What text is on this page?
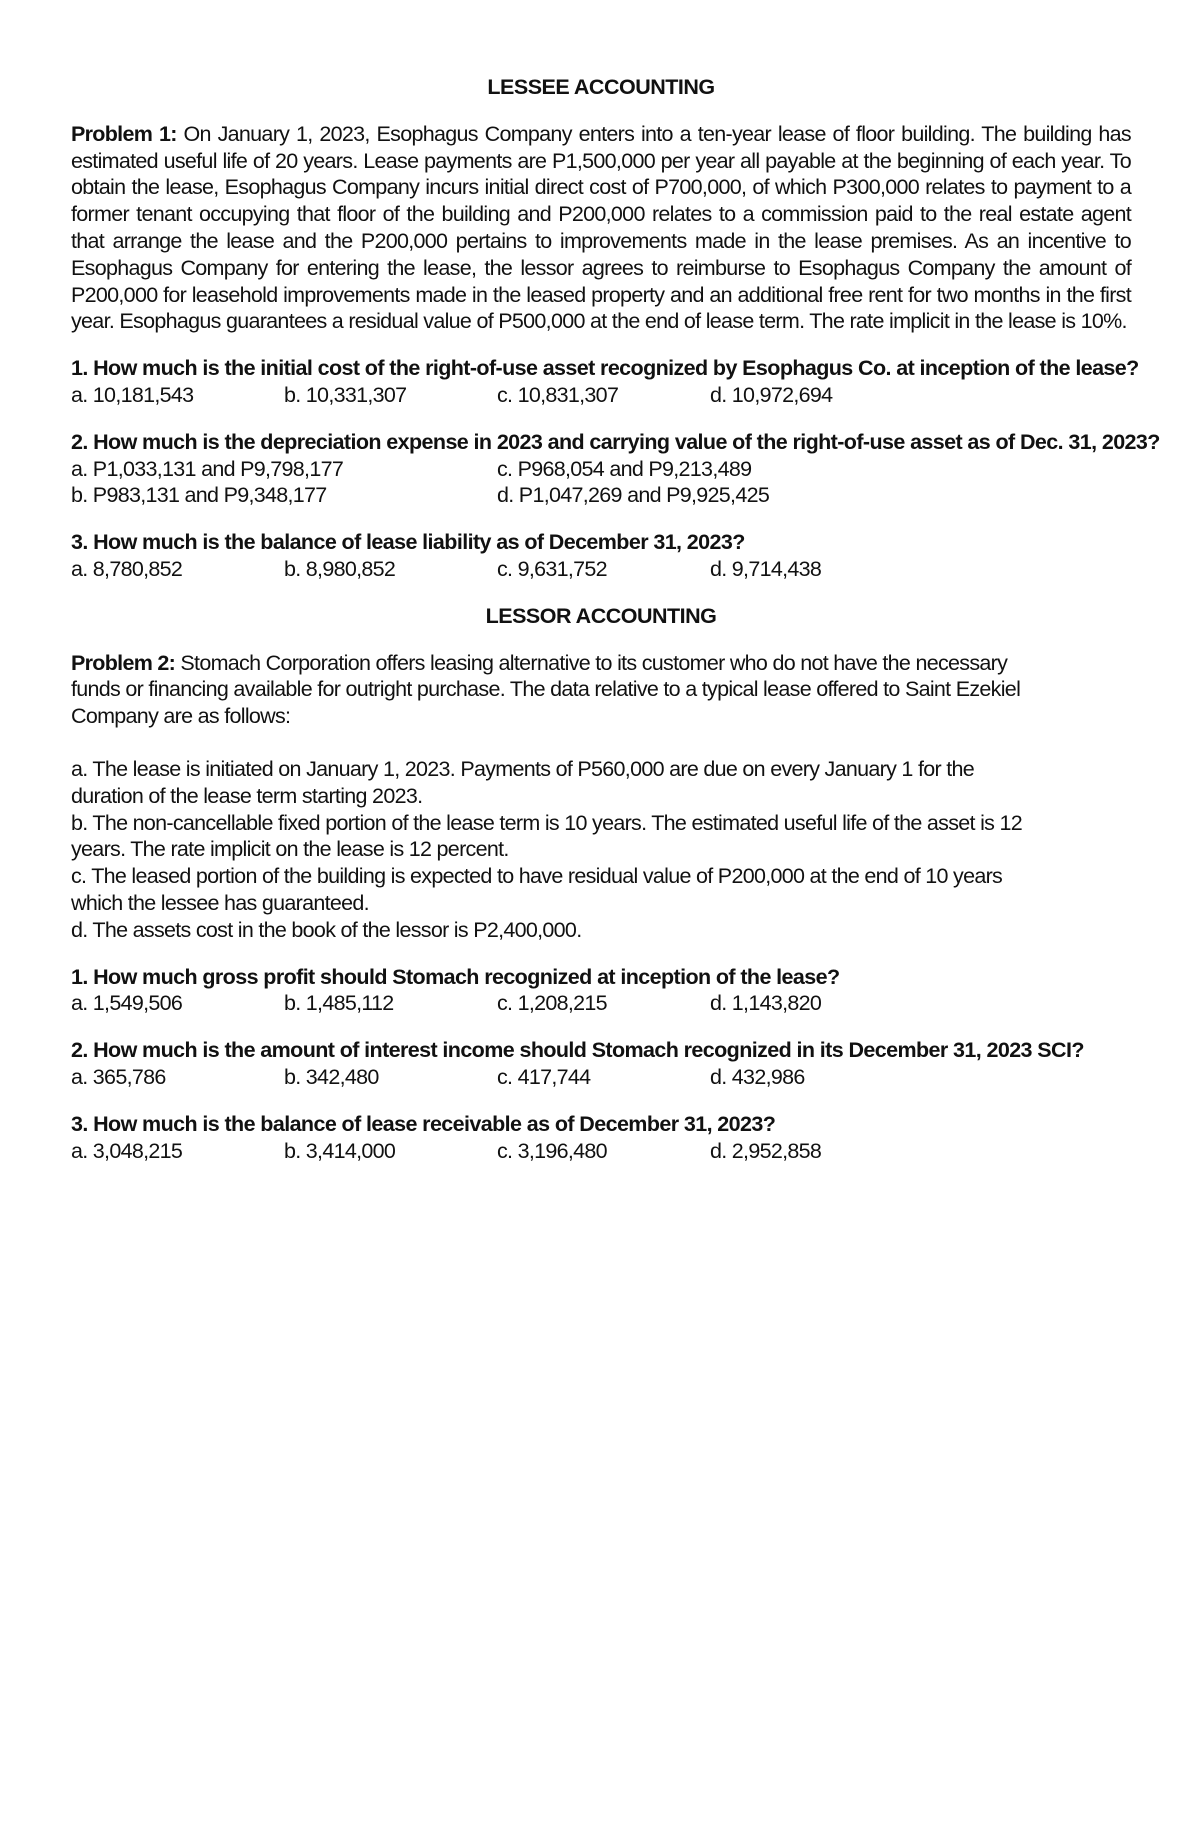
LESSEE ACCOUNTING

Problem 1: On January 1, 2023, Esophagus Company enters into a ten-year lease of floor building. The building has estimated useful life of 20 years. Lease payments are P1,500,000 per year all payable at the beginning of each year. To obtain the lease, Esophagus Company incurs initial direct cost of P700,000, of which P300,000 relates to payment to a former tenant occupying that floor of the building and P200,000 relates to a commission paid to the real estate agent that arrange the lease and the P200,000 pertains to improvements made in the lease premises. As an incentive to Esophagus Company for entering the lease, the lessor agrees to reimburse to Esophagus Company the amount of P200,000 for leasehold improvements made in the leased property and an additional free rent for two months in the first year. Esophagus guarantees a residual value of P500,000 at the end of lease term. The rate implicit in the lease is 10%.

1. How much is the initial cost of the right-of-use asset recognized by Esophagus Co. at inception of the lease?

a. 10,181,543	b. 10,331,307	c. 10,831,307	d. 10,972,694

2. How much is the depreciation expense in 2023 and carrying value of the right-of-use asset as of Dec. 31, 2023?

a. P1,033,131 and P9,798,177	c. P968,054 and P9,213,489
b. P983,131 and P9,348,177	d. P1,047,269 and P9,925,425

3. How much is the balance of lease liability as of December 31, 2023?

a. 8,780,852	b. 8,980,852	c. 9,631,752	d. 9,714,438

LESSOR ACCOUNTING

Problem 2: Stomach Corporation offers leasing alternative to its customer who do not have the necessary funds or financing available for outright purchase. The data relative to a typical lease offered to Saint Ezekiel Company are as follows:

a. The lease is initiated on January 1, 2023. Payments of P560,000 are due on every January 1 for the duration of the lease term starting 2023.

b. The non-cancellable fixed portion of the lease term is 10 years. The estimated useful life of the asset is 12 years. The rate implicit on the lease is 12 percent.

c. The leased portion of the building is expected to have residual value of P200,000 at the end of 10 years which the lessee has guaranteed.

d. The assets cost in the book of the lessor is P2,400,000.

1. How much gross profit should Stomach recognized at inception of the lease?

a. 1,549,506	b. 1,485,112	c. 1,208,215	d. 1,143,820

2. How much is the amount of interest income should Stomach recognized in its December 31, 2023 SCI?

a. 365,786	b. 342,480	c. 417,744	d. 432,986

3. How much is the balance of lease receivable as of December 31, 2023?

a. 3,048,215	b. 3,414,000	c. 3,196,480	d. 2,952,858
